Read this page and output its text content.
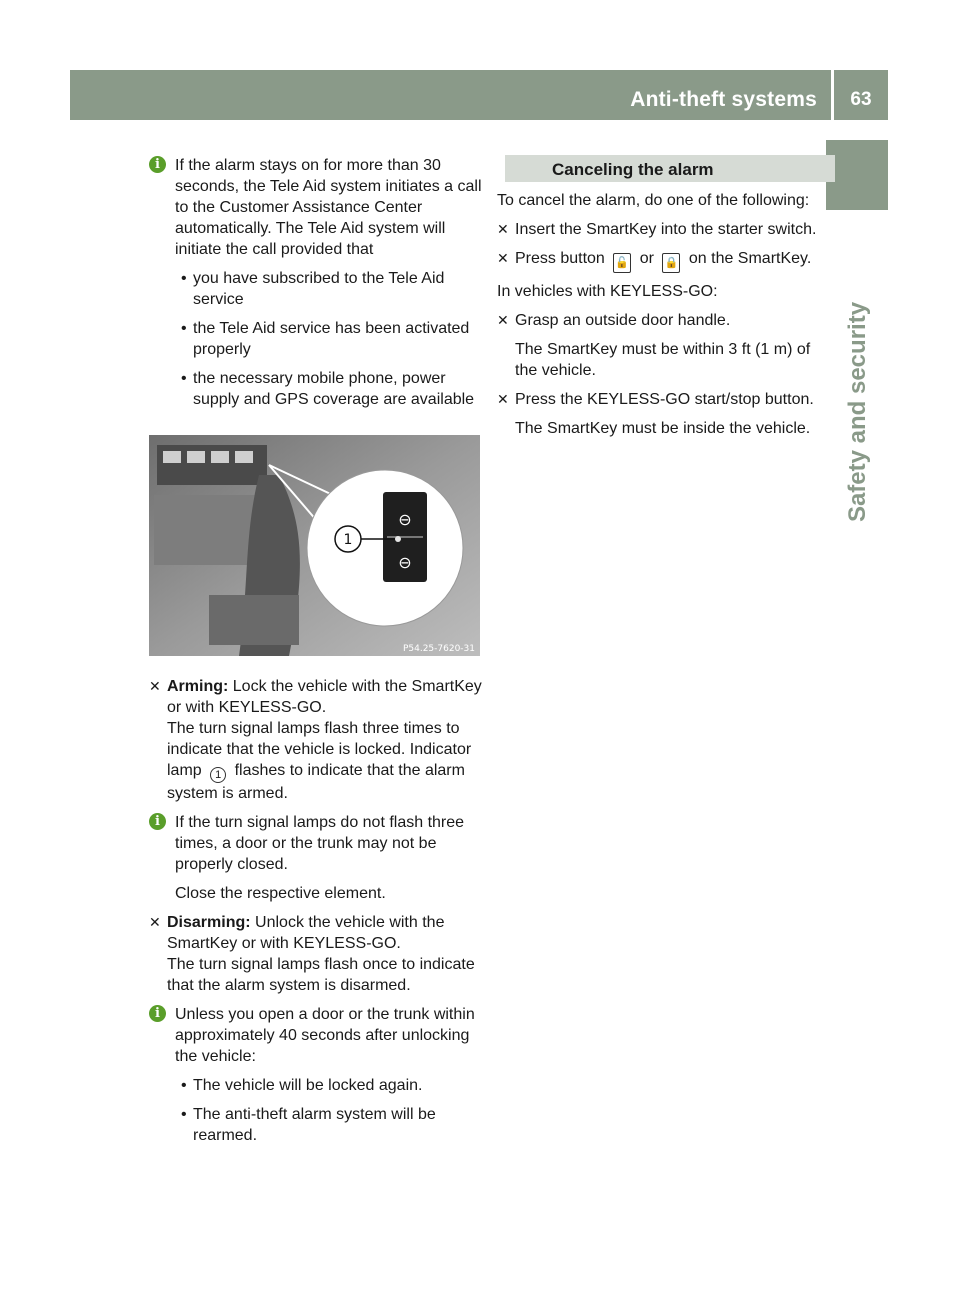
Anti-theft systems	63
Safety and security
i If the alarm stays on for more than 30 seconds, the Tele Aid system initiates a call to the Customer Assistance Center automatically. The Tele Aid system will initiate the call provided that
• you have subscribed to the Tele Aid service
• the Tele Aid service has been activated properly
• the necessary mobile phone, power supply and GPS coverage are available
⊖
⊖
1
P54.25-7620-31
✕ Arming: Lock the vehicle with the SmartKey or with KEYLESS-GO.
The turn signal lamps flash three times to indicate that the vehicle is locked. Indicator lamp 1 flashes to indicate that the alarm system is armed.
i If the turn signal lamps do not flash three times, a door or the trunk may not be properly closed.
Close the respective element.
✕ Disarming: Unlock the vehicle with the SmartKey or with KEYLESS-GO.
The turn signal lamps flash once to indicate that the alarm system is disarmed.
i Unless you open a door or the trunk within approximately 40 seconds after unlocking the vehicle:
• The vehicle will be locked again.
• The anti-theft alarm system will be rearmed.
Canceling the alarm
To cancel the alarm, do one of the following:
✕ Insert the SmartKey into the starter switch.
✕ Press button 🔓 or 🔒 on the SmartKey.
In vehicles with KEYLESS-GO:
✕ Grasp an outside door handle.
The SmartKey must be within 3 ft (1 m) of the vehicle.
✕ Press the KEYLESS-GO start/stop button.
The SmartKey must be inside the vehicle.
